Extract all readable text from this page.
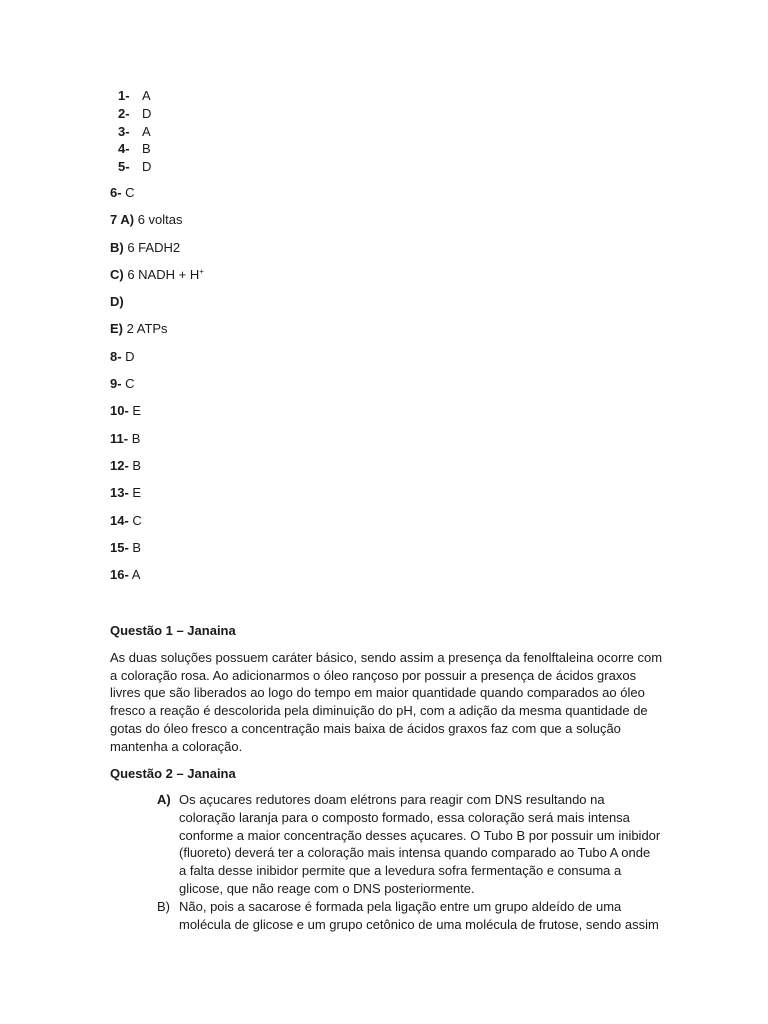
1- A
2- D
3- A
4- B
5- D
6- C
7 A) 6 voltas
B) 6 FADH2
C) 6 NADH + H+
D)
E) 2 ATPs
8- D
9- C
10- E
11- B
12- B
13- E
14- C
15- B
16- A
Questão 1 – Janaina
As duas soluções possuem caráter básico, sendo assim a presença da fenolftaleina ocorre com
a coloração rosa. Ao adicionarmos o óleo rançoso por possuir a presença de ácidos graxos
livres que são liberados ao logo do tempo em maior quantidade quando comparados ao óleo
fresco a reação é descolorida pela diminuição do pH, com a adição da mesma quantidade de
gotas do óleo fresco a concentração mais baixa de ácidos graxos faz com que a solução
mantenha a coloração.
Questão 2 – Janaina
A) Os açucares redutores doam elétrons para reagir com DNS resultando na
coloração laranja para o composto formado, essa coloração será mais intensa
conforme a maior concentração desses açucares. O Tubo B por possuir um inibidor
(fluoreto) deverá ter a coloração mais intensa quando comparado ao Tubo A onde
a falta desse inibidor permite que a levedura sofra fermentação e consuma a
glicose, que não reage com o DNS posteriormente.
B) Não, pois a sacarose é formada pela ligação entre um grupo aldeído de uma
molécula de glicose e um grupo cetônico de uma molécula de frutose, sendo assim
